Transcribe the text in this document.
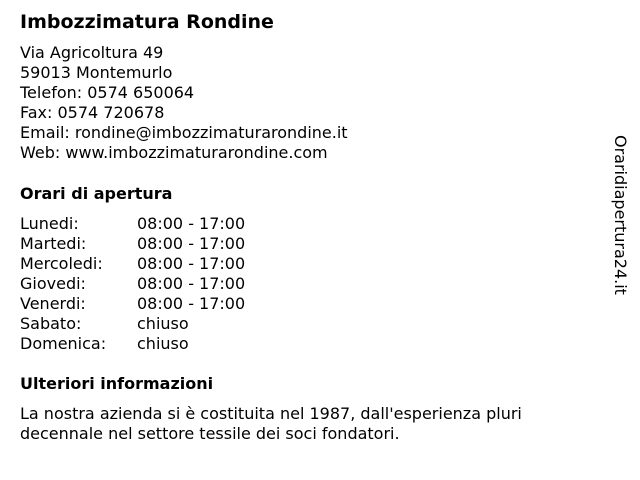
Imbozzimatura Rondine
Via Agricoltura 49
59013 Montemurlo
Telefon: 0574 650064
Fax: 0574 720678
Email: rondine@imbozzimaturarondine.it
Web: www.imbozzimaturarondine.com
Orari di apertura
Lunedi:	08:00 - 17:00
Martedi:	08:00 - 17:00
Mercoledi:	08:00 - 17:00
Giovedi:	08:00 - 17:00
Venerdi:	08:00 - 17:00
Sabato:	chiuso
Domenica:	chiuso
Ulteriori informazioni
La nostra azienda si è costituita nel 1987, dall'esperienza pluri decennale nel settore tessile dei soci fondatori.
Oraridiapertura24.it
